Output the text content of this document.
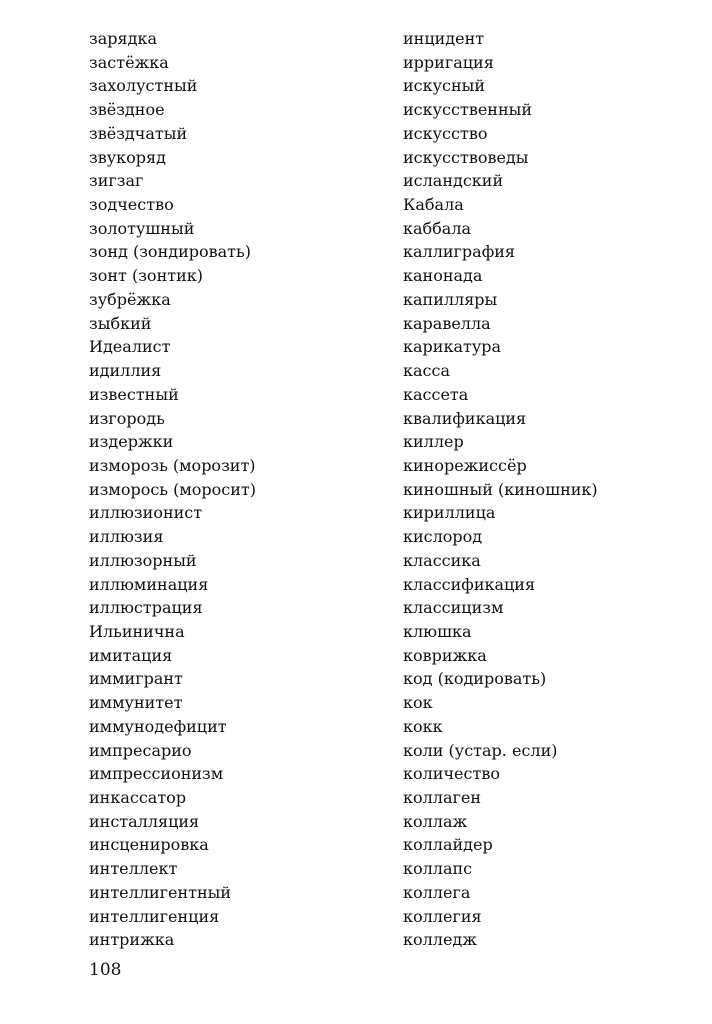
зарядка
застёжка
захолустный
звёздное
звёздчатый
звукоряд
зигзаг
зодчество
золотушный
зонд (зондировать)
зонт (зонтик)
зубрёжка
зыбкий
Идеалист
идиллия
известный
изгородь
издержки
изморозь (морозит)
изморось (моросит)
иллюзионист
иллюзия
иллюзорный
иллюминация
иллюстрация
Ильинична
имитация
иммигрант
иммунитет
иммунодефицит
импресарио
импрессионизм
инкассатор
инсталляция
инсценировка
интеллект
интеллигентный
интеллигенция
интрижка
инцидент
ирригация
искусный
искусственный
искусство
искусствоведы
исландский
Кабала
каббала
каллиграфия
канонада
капилляры
каравелла
карикатура
касса
кассета
квалификация
киллер
кинорежиссёр
киношный (киношник)
кириллица
кислород
классика
классификация
классицизм
клюшка
коврижка
код (кодировать)
кок
кокк
коли (устар. если)
количество
коллаген
коллаж
коллайдер
коллапс
коллега
коллегия
колледж
108
